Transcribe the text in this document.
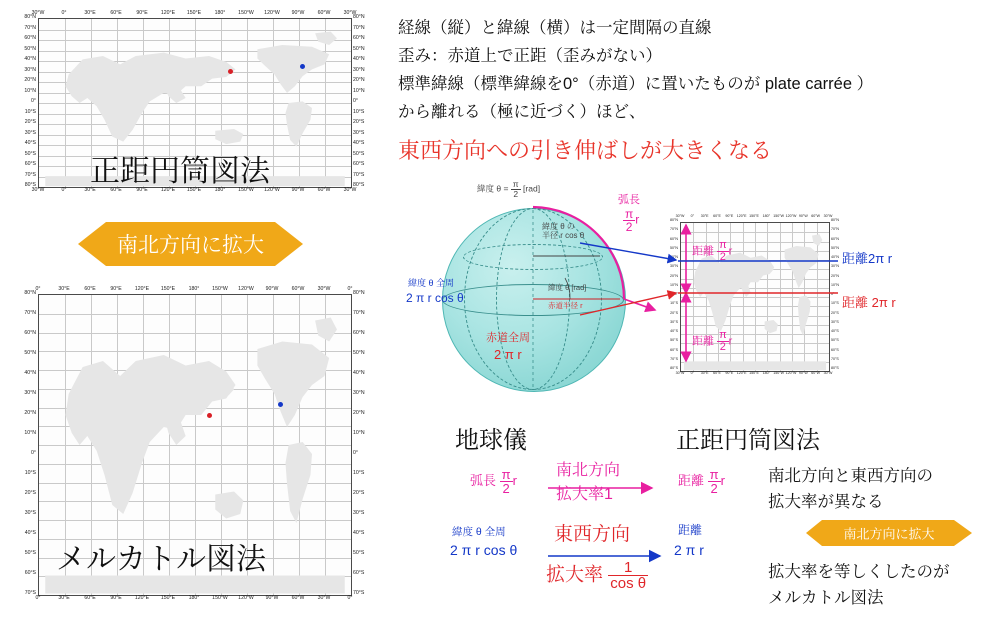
正距円筒図法
30°W
30°W
0°
0°
30°E
30°E
60°E
60°E
90°E
90°E
120°E
120°E
150°E
150°E
180°
180°
150°W
150°W
120°W
120°W
90°W
90°W
60°W
60°W
30°W
30°W
80°N	80°N
70°N	70°N
60°N	60°N
50°N	50°N
40°N	40°N
30°N	30°N
20°N	20°N
10°N	10°N
0°	0°
10°S	10°S
20°S	20°S
30°S	30°S
40°S	40°S
50°S	50°S
60°S	60°S
70°S	70°S
80°S	80°S
南北方向に拡大
メルカトル図法
0°
0°
30°E
30°E
60°E
60°E
90°E
90°E
120°E
120°E
150°E
150°E
180°
180°
150°W
150°W
120°W
120°W
90°W
90°W
60°W
60°W
30°W
30°W
0°
0°
80°N	80°N
70°N	70°N
60°N	60°N
50°N	50°N
40°N	40°N
30°N	30°N
20°N	20°N
10°N	10°N
0°	0°
10°S	10°S
20°S	20°S
30°S	30°S
40°S	40°S
50°S	50°S
60°S	60°S
70°S	70°S
経線（縦）と緯線（横）は一定間隔の直線
歪み：赤道上で正距（歪みがない）
標準緯線（標準緯線を0°（赤道）に置いたものが plate carrée ）
から離れる（極に近づく）ほど、
東西方向への引き伸ばしが大きくなる
緯度 $\theta = \frac{\pi}{2} [rad]$
弧長
$\frac{\pi}{2}$ r
緯度 θ の
半径 r cos θ
緯度 θ 全周
2 π r cos θ
緯度 θ [rad]
赤道半径 r
赤道全周
2 π r
30°W
30°W
0°
0°
30°E
30°E
60°E
60°E
90°E
90°E
120°E
120°E
150°E
150°E
180°
180°
150°W
150°W
120°W
120°W
90°W
90°W
60°W
60°W
30°W
30°W
80°N	80°N
70°N	70°N
60°N	60°N
50°N	50°N
40°N	40°N
30°N	30°N
20°N	20°N
10°N	10°N
0°	0°
10°S	10°S
20°S	20°S
30°S	30°S
40°S	40°S
50°S	50°S
60°S	60°S
70°S	70°S
80°S	80°S
距離 $\frac{\pi}{2}$ r
距離 $\frac{\pi}{2}$ r
距離2π r
距離 2π r
地球儀	正距円筒図法
弧長 $\frac{\pi}{2}$ r
南北方向
拡大率1
距離 $\frac{\pi}{2}$ r
緯度 θ 全周
2 π r cos θ
東西方向
拡大率 $\frac{1}{\text{cos θ}}$
距離
2 π r
南北方向と東西方向の
拡大率が異なる
南北方向に拡大
拡大率を等しくしたのが
メルカトル図法
